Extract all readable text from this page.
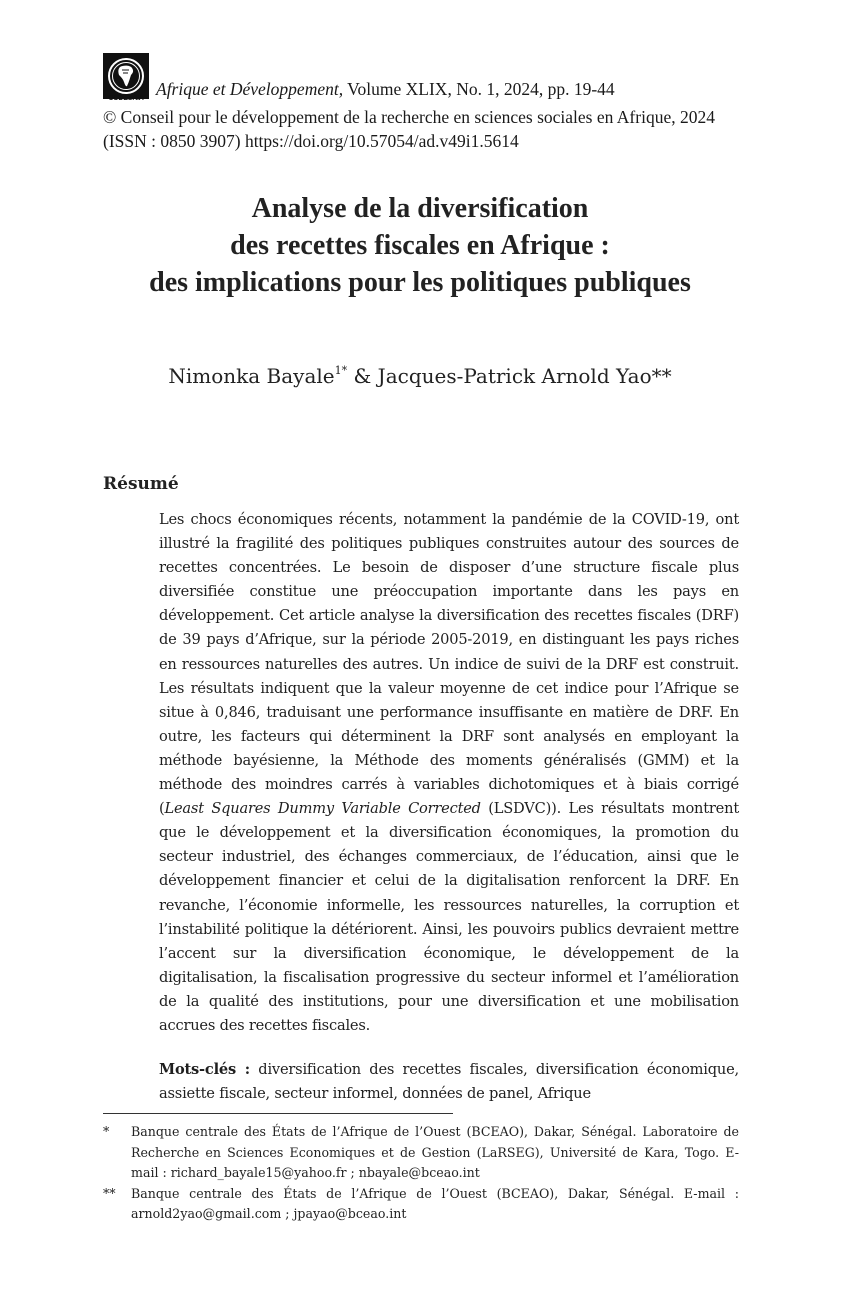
CODESRIA Afrique et Développement, Volume XLIX, No. 1, 2024, pp. 19-44
© Conseil pour le développement de la recherche en sciences sociales en Afrique, 2024
(ISSN : 0850 3907) https://doi.org/10.57054/ad.v49i1.5614
Analyse de la diversification
des recettes fiscales en Afrique :
des implications pour les politiques publiques
Nimonka Bayale$^{1*}$ & Jacques-Patrick Arnold Yao**
Résumé

Les chocs économiques récents, notamment la pandémie de la COVID-19, ont illustré la fragilité des politiques publiques construites autour des sources de recettes concentrées. Le besoin de disposer d’une structure fiscale plus diversifiée constitue une préoccupation importante dans les pays en développement. Cet article analyse la diversification des recettes fiscales (DRF) de 39 pays d’Afrique, sur la période 2005-2019, en distinguant les pays riches en ressources naturelles des autres. Un indice de suivi de la DRF est construit. Les résultats indiquent que la valeur moyenne de cet indice pour l’Afrique se situe à 0,846, traduisant une performance insuffisante en matière de DRF. En outre, les facteurs qui déterminent la DRF sont analysés en employant la méthode bayésienne, la Méthode des moments généralisés (GMM) et la méthode des moindres carrés à variables dichotomiques et à biais corrigé (Least Squares Dummy Variable Corrected (LSDVC)). Les résultats montrent que le développement et la diversification économiques, la promotion du secteur industriel, des échanges commerciaux, de l’éducation, ainsi que le développement financier et celui de la digitalisation renforcent la DRF. En revanche, l’économie informelle, les ressources naturelles, la corruption et l’instabilité politique la détériorent. Ainsi, les pouvoirs publics devraient mettre l’accent sur la diversification économique, le développement de la digitalisation, la fiscalisation progressive du secteur informel et l’amélioration de la qualité des institutions, pour une diversification et une mobilisation accrues des recettes fiscales.

Mots-clés : diversification des recettes fiscales, diversification économique, assiette fiscale, secteur informel, données de panel, Afrique

* Banque centrale des États de l’Afrique de l’Ouest (BCEAO), Dakar, Sénégal. Laboratoire de Recherche en Sciences Economiques et de Gestion (LaRSEG), Université de Kara, Togo. E-mail : richard_bayale15@yahoo.fr ; nbayale@bceao.int
** Banque centrale des États de l’Afrique de l’Ouest (BCEAO), Dakar, Sénégal. E-mail : arnold2yao@gmail.com ; jpayao@bceao.int
